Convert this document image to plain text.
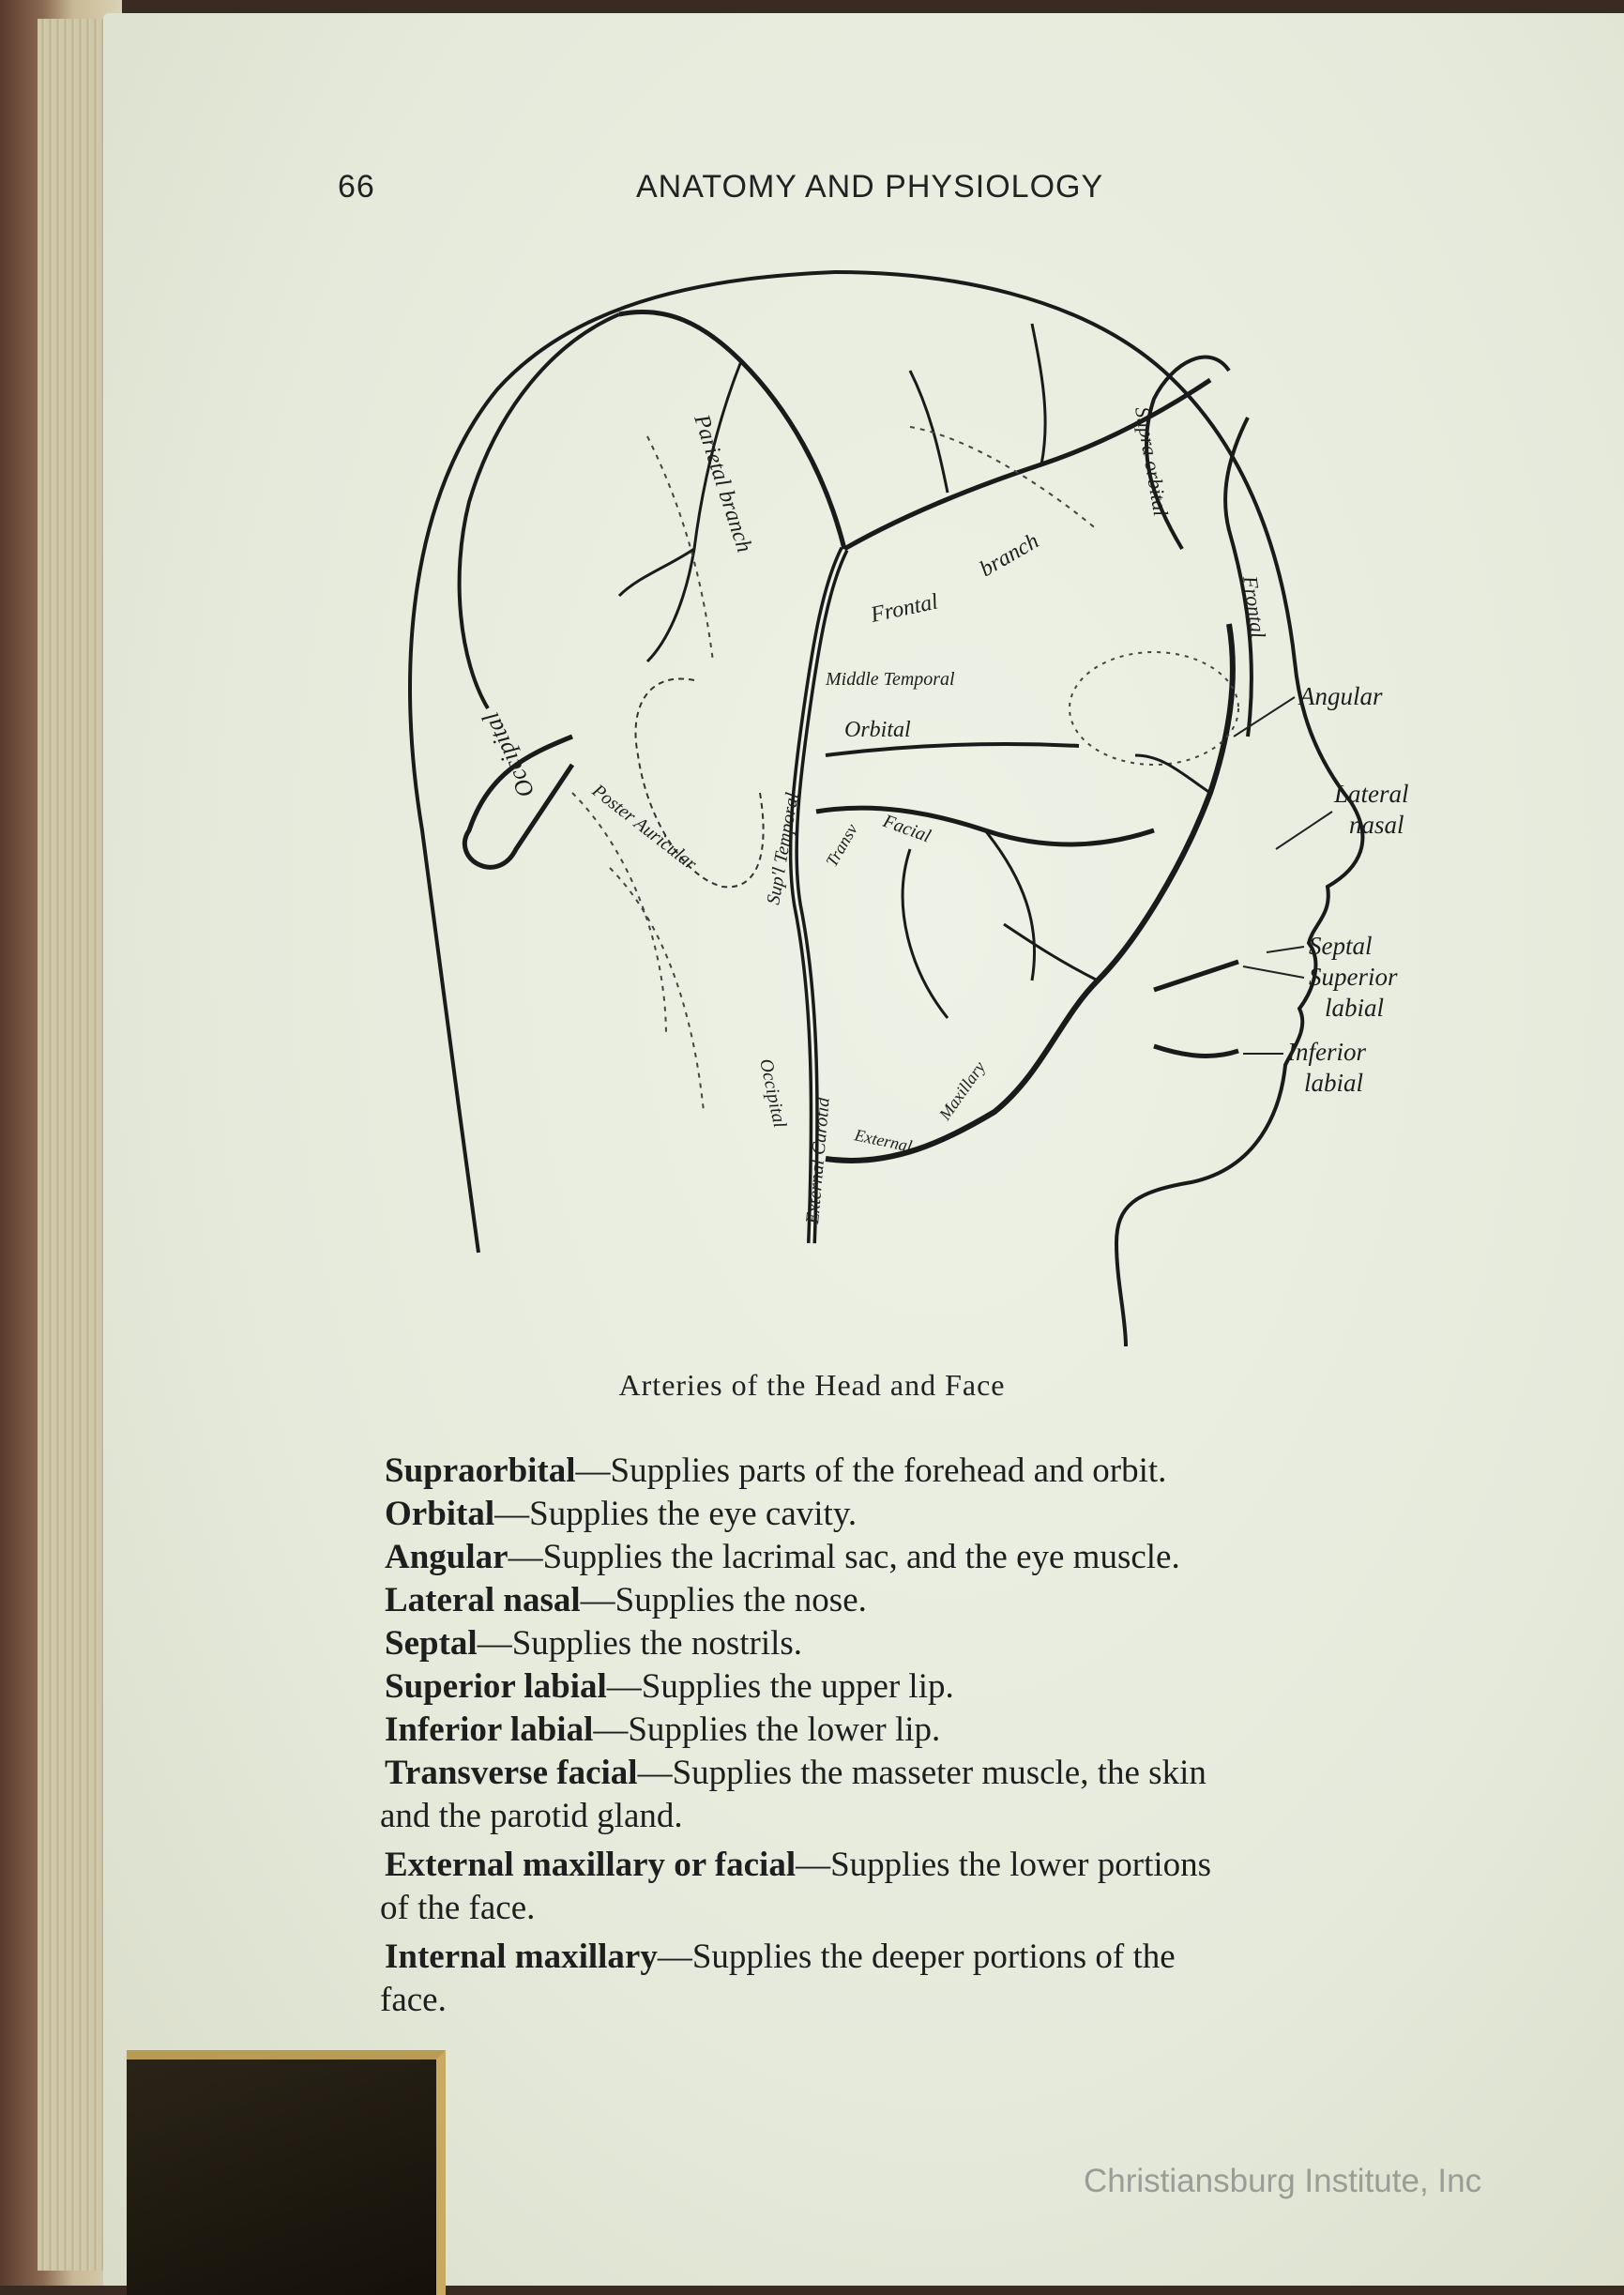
66	ANATOMY AND PHYSIOLOGY
Parietal branch
Frontal
branch
Supra orbital
Frontal
Middle Temporal
Orbital
Occipital
Poster Auricular	Sup'l Temporal Transv Facial
Occipital
External Carotid External
Maxillary
Angular
Lateral
nasal
Septal
Superior
labial
Inferior
labial
Arteries of the Head and Face

Supraorbital—Supplies parts of the forehead and orbit.

Orbital—Supplies the eye cavity.

Angular—Supplies the lacrimal sac, and the eye muscle.

Lateral nasal—Supplies the nose.

Septal—Supplies the nostrils.

Superior labial—Supplies the upper lip.

Inferior labial—Supplies the lower lip.

Transverse facial—Supplies the masseter muscle, the skin

and the parotid gland.

External maxillary or facial—Supplies the lower portions

of the face.

Internal maxillary—Supplies the deeper portions of the

face.

Christiansburg Institute, Inc
